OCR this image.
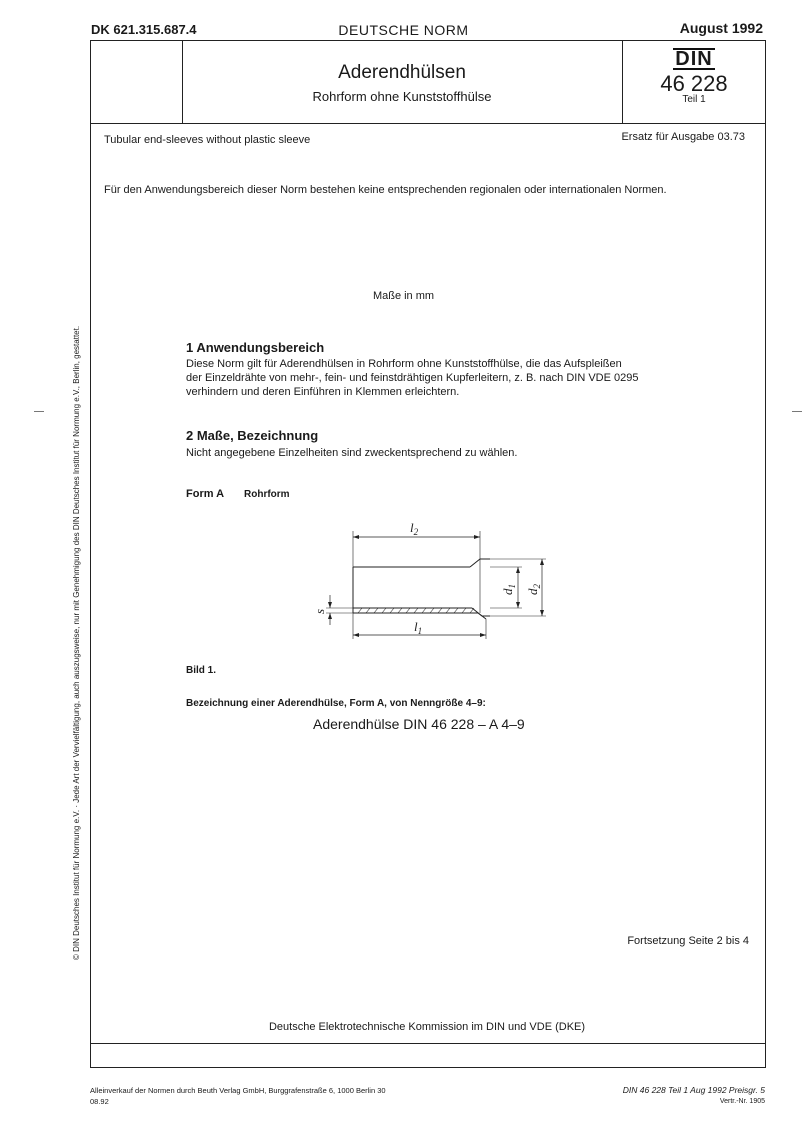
DK 621.315.687.4	DEUTSCHE NORM	August 1992
Aderendhülsen
Rohrform ohne Kunststoffhülse
DIN
46 228
Teil 1
Tubular end-sleeves without plastic sleeve	Ersatz für Ausgabe 03.73
Für den Anwendungsbereich dieser Norm bestehen keine entsprechenden regionalen oder internationalen Normen.
Maße in mm
1 Anwendungsbereich
Diese Norm gilt für Aderendhülsen in Rohrform ohne Kunststoffhülse, die das Aufspleißen
der Einzeldrähte von mehr-, fein- und feinstdrähtigen Kupferleitern, z. B. nach DIN VDE 0295
verhindern und deren Einführen in Klemmen erleichtern.
2 Maße, Bezeichnung
Nicht angegebene Einzelheiten sind zweckentsprechend zu wählen.
Form A Rohrform
$l_2$
$l_1$
$d_1$
$d_2$
s
Bild 1.
Bezeichnung einer Aderendhülse, Form A, von Nenngröße 4–9:
Aderendhülse DIN 46 228 – A 4–9
Fortsetzung Seite 2 bis 4
Deutsche Elektrotechnische Kommission im DIN und VDE (DKE)
© DIN Deutsches Institut für Normung e.V. · Jede Art der Vervielfältigung, auch auszugsweise, nur mit Genehmigung des DIN Deutsches Institut für Normung e.V., Berlin, gestattet.
Alleinverkauf der Normen durch Beuth Verlag GmbH, Burggrafenstraße 6, 1000 Berlin 30
08.92
DIN 46 228 Teil 1 Aug 1992 Preisgr. 5
Vertr.-Nr. 1905
